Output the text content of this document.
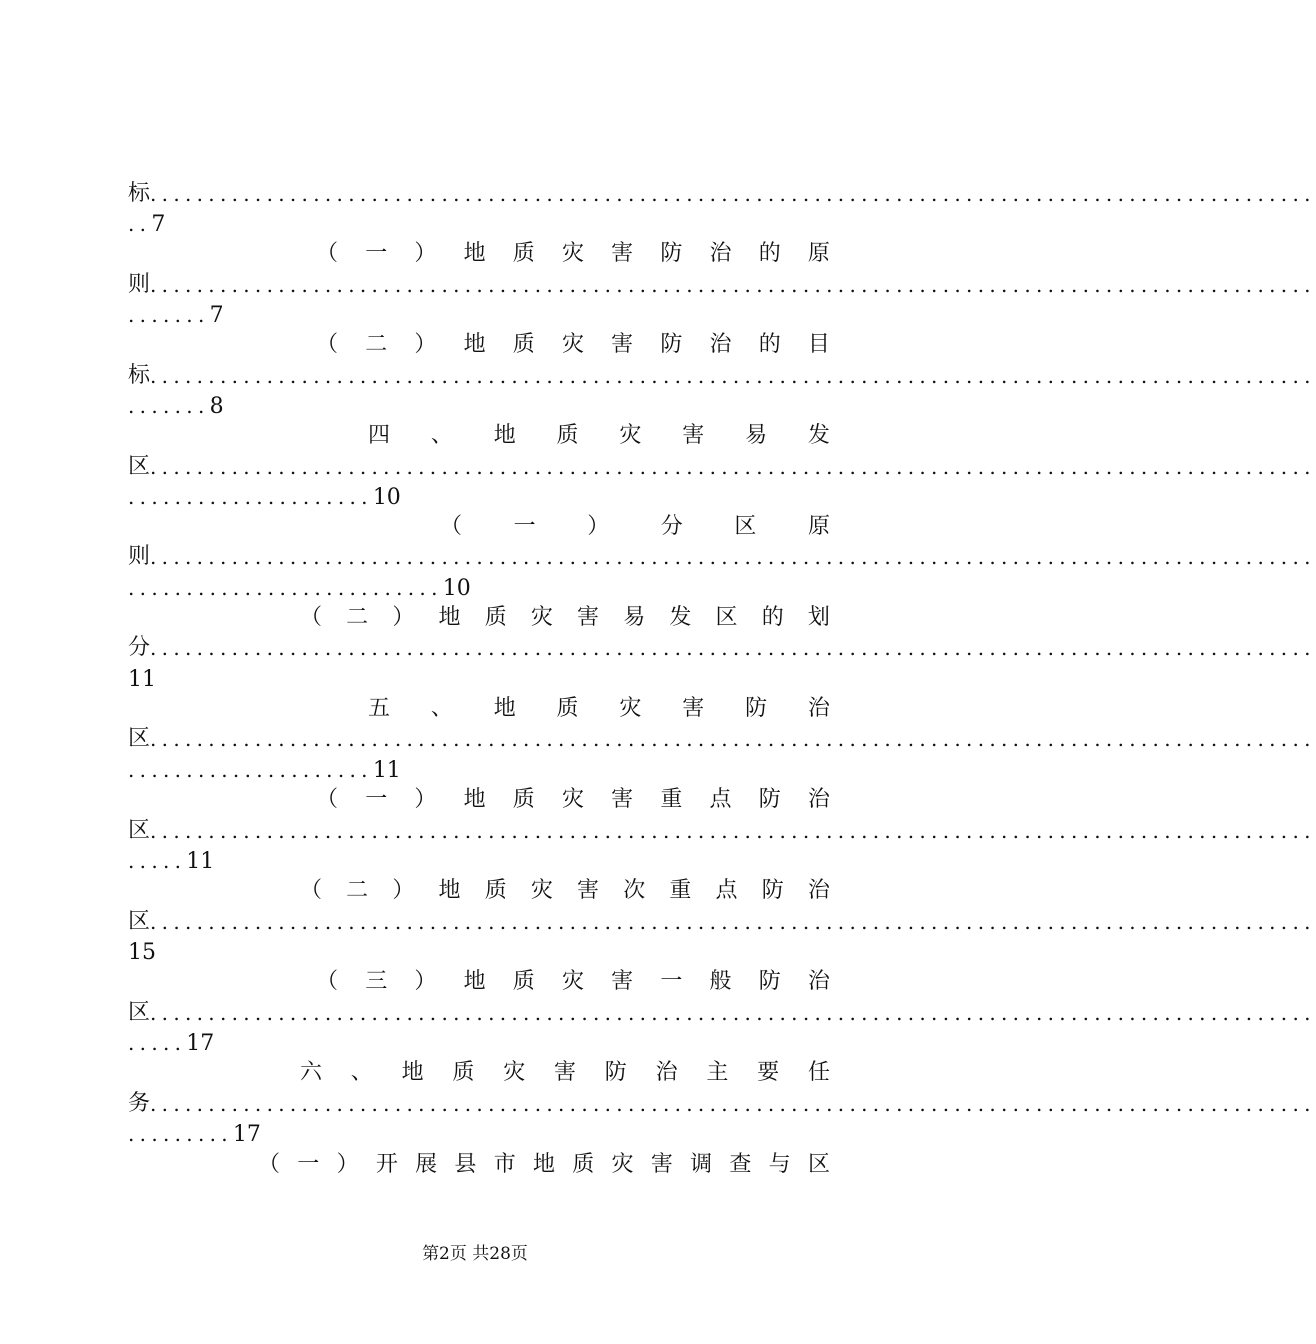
标 ....................................................................................................
..7
（ 一 ） 地 质 灾 害 防 治 的 原
则 ....................................................................................................
.......7
（ 二 ） 地 质 灾 害 防 治 的 目
标 ....................................................................................................
.......8
四 、 地 质 灾 害 易 发
区 ....................................................................................................
.....................10
（ 一 ） 分 区 原
则 ....................................................................................................
...........................10
（ 二 ） 地 质 灾 害 易 发 区 的 划
分 ....................................................................................................
11
五 、 地 质 灾 害 防 治
区 ....................................................................................................
.....................11
（ 一 ） 地 质 灾 害 重 点 防 治
区 ....................................................................................................
.....11
（ 二 ） 地 质 灾 害 次 重 点 防 治
区 ....................................................................................................
15
（ 三 ） 地 质 灾 害 一 般 防 治
区 ....................................................................................................
.....17
六 、 地 质 灾 害 防 治 主 要 任
务 ....................................................................................................
.........17
（ 一 ） 开 展 县 市 地 质 灾 害 调 查 与 区
第2页 共28页
